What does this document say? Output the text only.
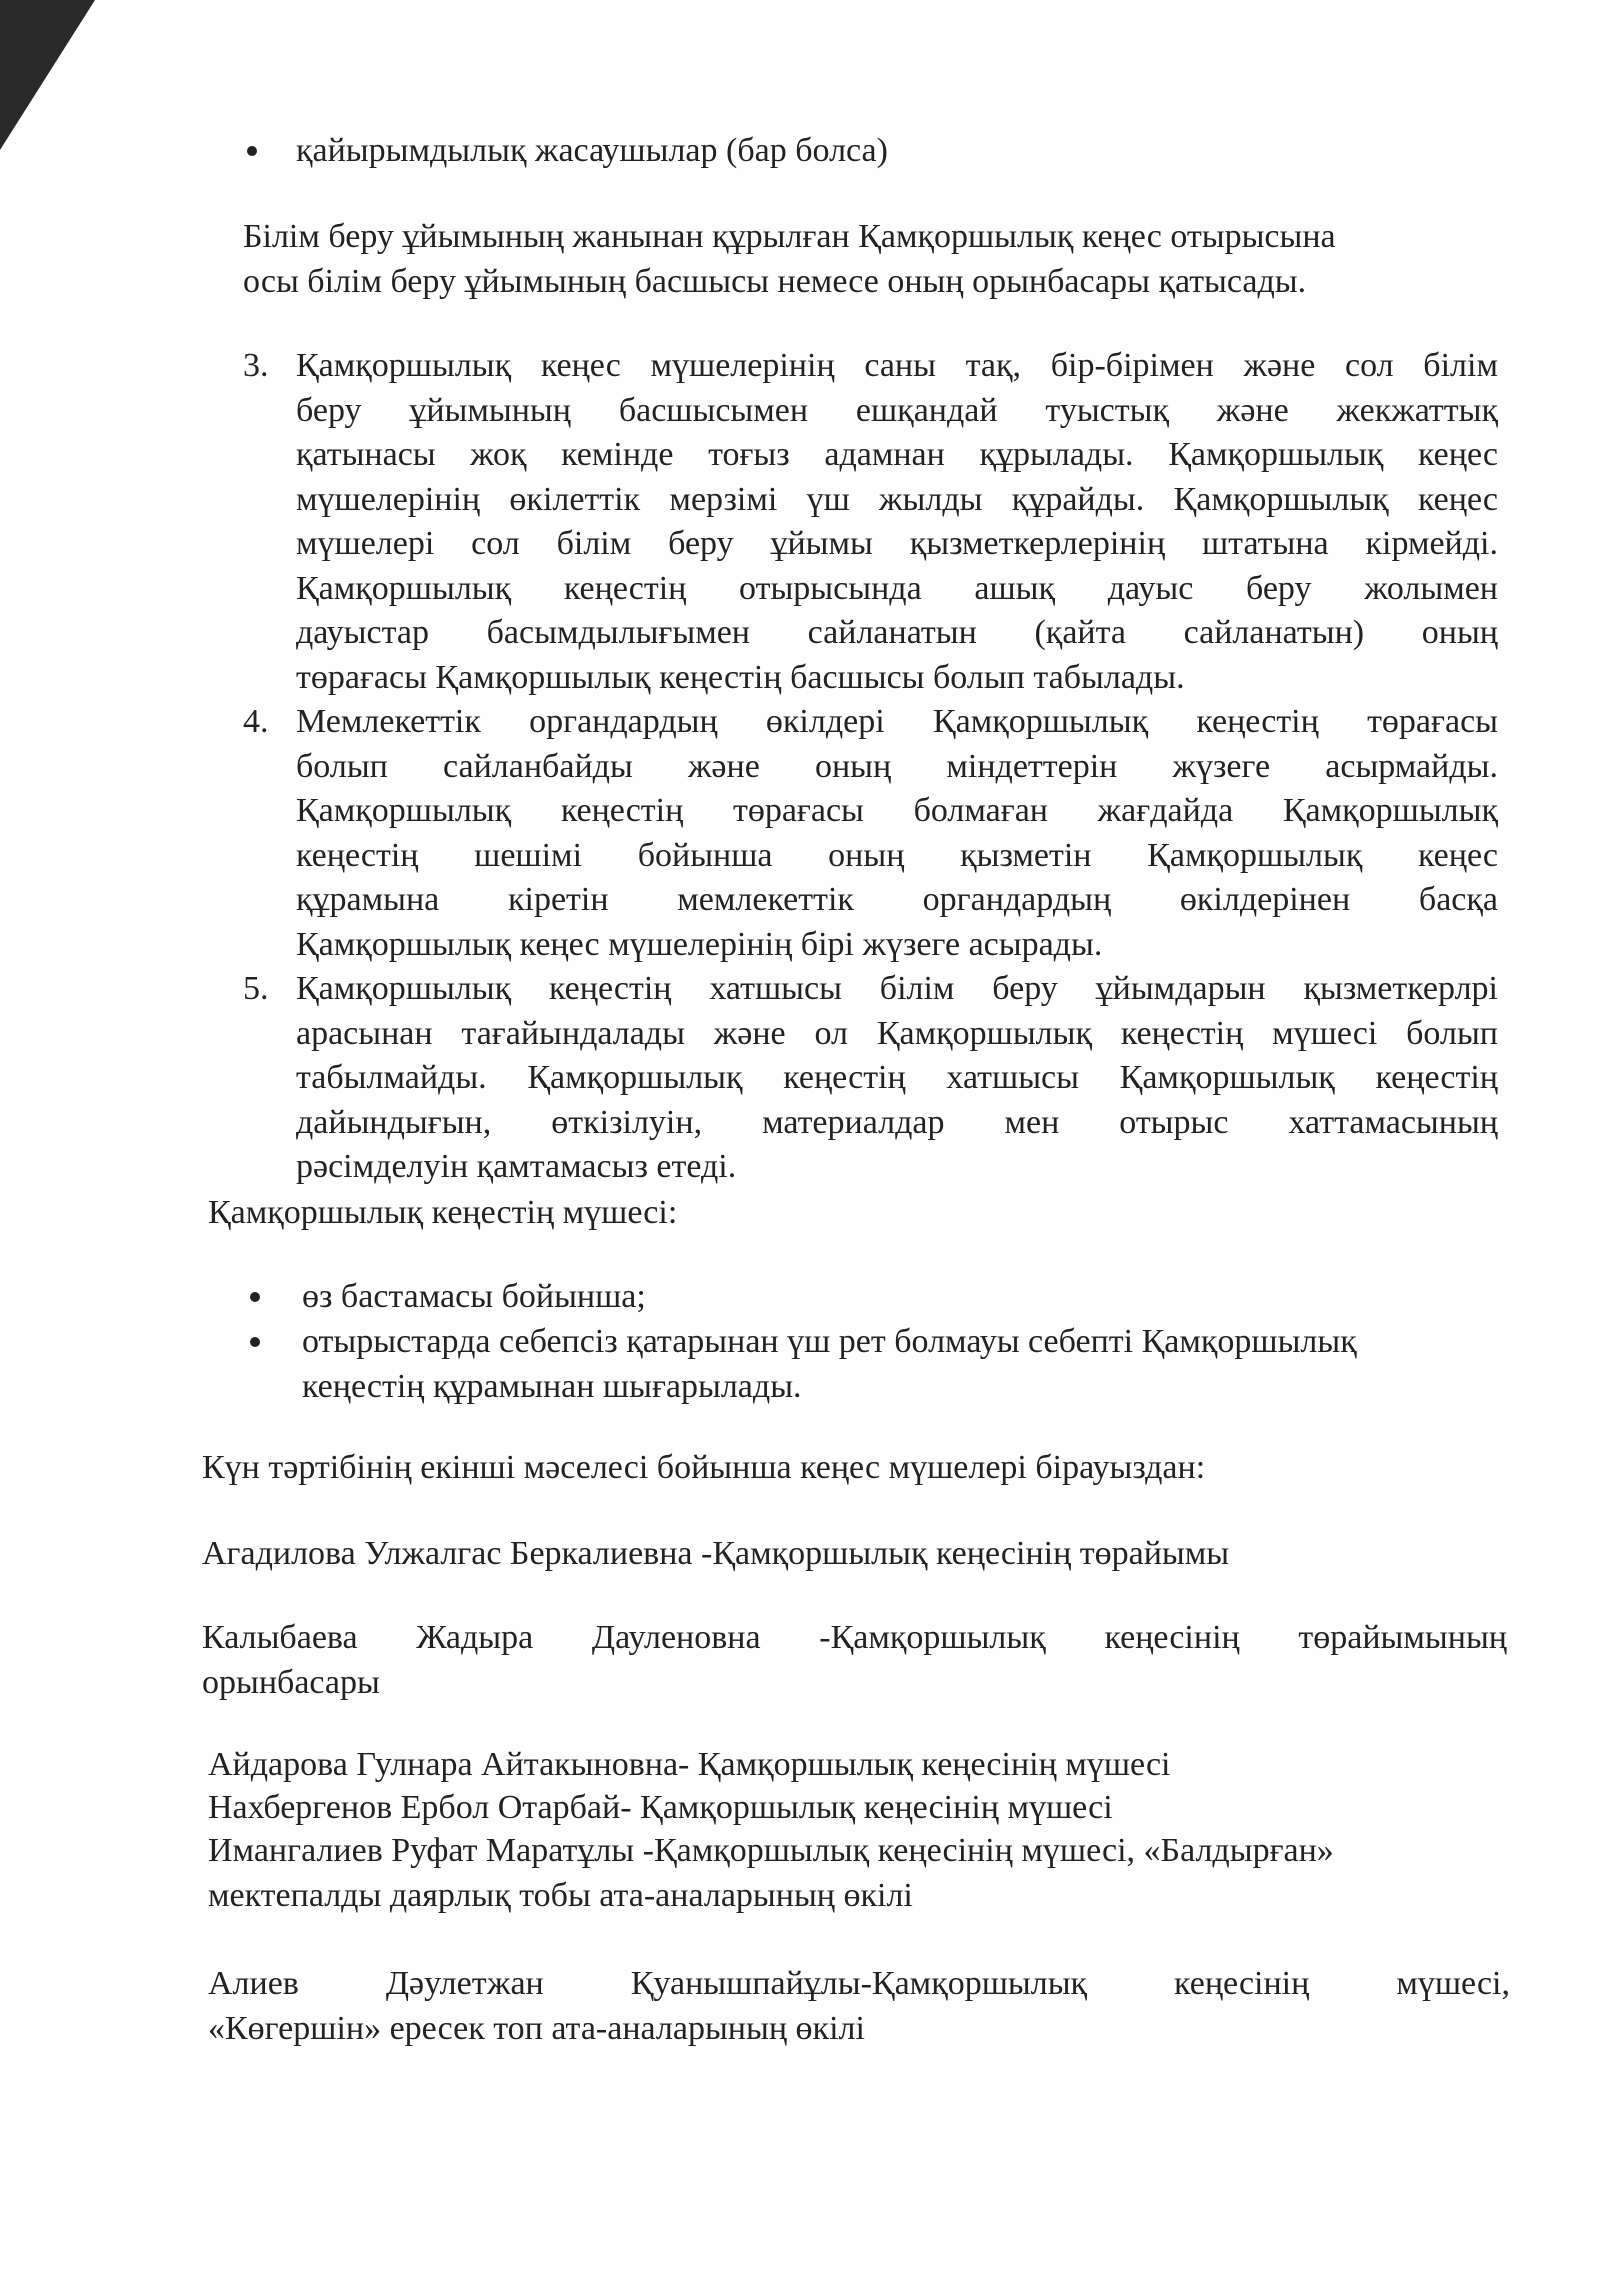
қайырымдылық жасаушылар (бар болса)

Білім беру ұйымының жанынан құрылған Қамқоршылық кеңес отырысына
осы білім беру ұйымының басшысы немесе оның орынбасары қатысады.
3. Қамқоршылық кеңес мүшелерінің саны тақ, бір-бірімен және сол білім
беру ұйымының басшысымен ешқандай туыстық және жекжаттық
қатынасы жоқ кемінде тоғыз адамнан құрылады. Қамқоршылық кеңес
мүшелерінің өкілеттік мерзімі үш жылды құрайды. Қамқоршылық кеңес
мүшелері сол білім беру ұйымы қызметкерлерінің штатына кірмейді.
Қамқоршылық кеңестің отырысында ашық дауыс беру жолымен
дауыстар басымдылығымен сайланатын (қайта сайланатын) оның
төрағасы Қамқоршылық кеңестің басшысы болып табылады.
4. Мемлекеттік органдардың өкілдері Қамқоршылық кеңестің төрағасы
болып сайланбайды және оның міндеттерін жүзеге асырмайды.
Қамқоршылық кеңестің төрағасы болмаған жағдайда Қамқоршылық
кеңестің шешімі бойынша оның қызметін Қамқоршылық кеңес
құрамына кіретін мемлекеттік органдардың өкілдерінен басқа
Қамқоршылық кеңес мүшелерінің бірі жүзеге асырады.
5. Қамқоршылық кеңестің хатшысы білім беру ұйымдарын қызметкерлрі
арасынан тағайындалады және ол Қамқоршылық кеңестің мүшесі болып
табылмайды. Қамқоршылық кеңестің хатшысы Қамқоршылық кеңестің
дайындығын, өткізілуін, материалдар мен отырыс хаттамасының
рәсімделуін қамтамасыз етеді.

Қамқоршылық кеңестің мүшесі:

өз бастамасы бойынша;

отырыстарда себепсіз қатарынан үш рет болмауы себепті Қамқоршылық
кеңестің құрамынан шығарылады.

Күн тәртібінің екінші мәселесі бойынша кеңес мүшелері бірауыздан:

Агадилова Улжалгас Беркалиевна -Қамқоршылық кеңесінің төрайымы

Калыбаева Жадыра Дауленовна -Қамқоршылық кеңесінің төрайымының
орынбасары

Айдарова Гулнара Айтакыновна- Қамқоршылық кеңесінің мүшесі

Нахбергенов Ербол Отарбай- Қамқоршылық кеңесінің мүшесі

Имангалиев Руфат Маратұлы -Қамқоршылық кеңесінің мүшесі, «Балдырған»
мектепалды даярлық тобы ата-аналарының өкілі
Алиев Дәулетжан Қуанышпайұлы-Қамқоршылық кеңесінің мүшесі,
«Көгершін» ересек топ ата-аналарының өкілі
